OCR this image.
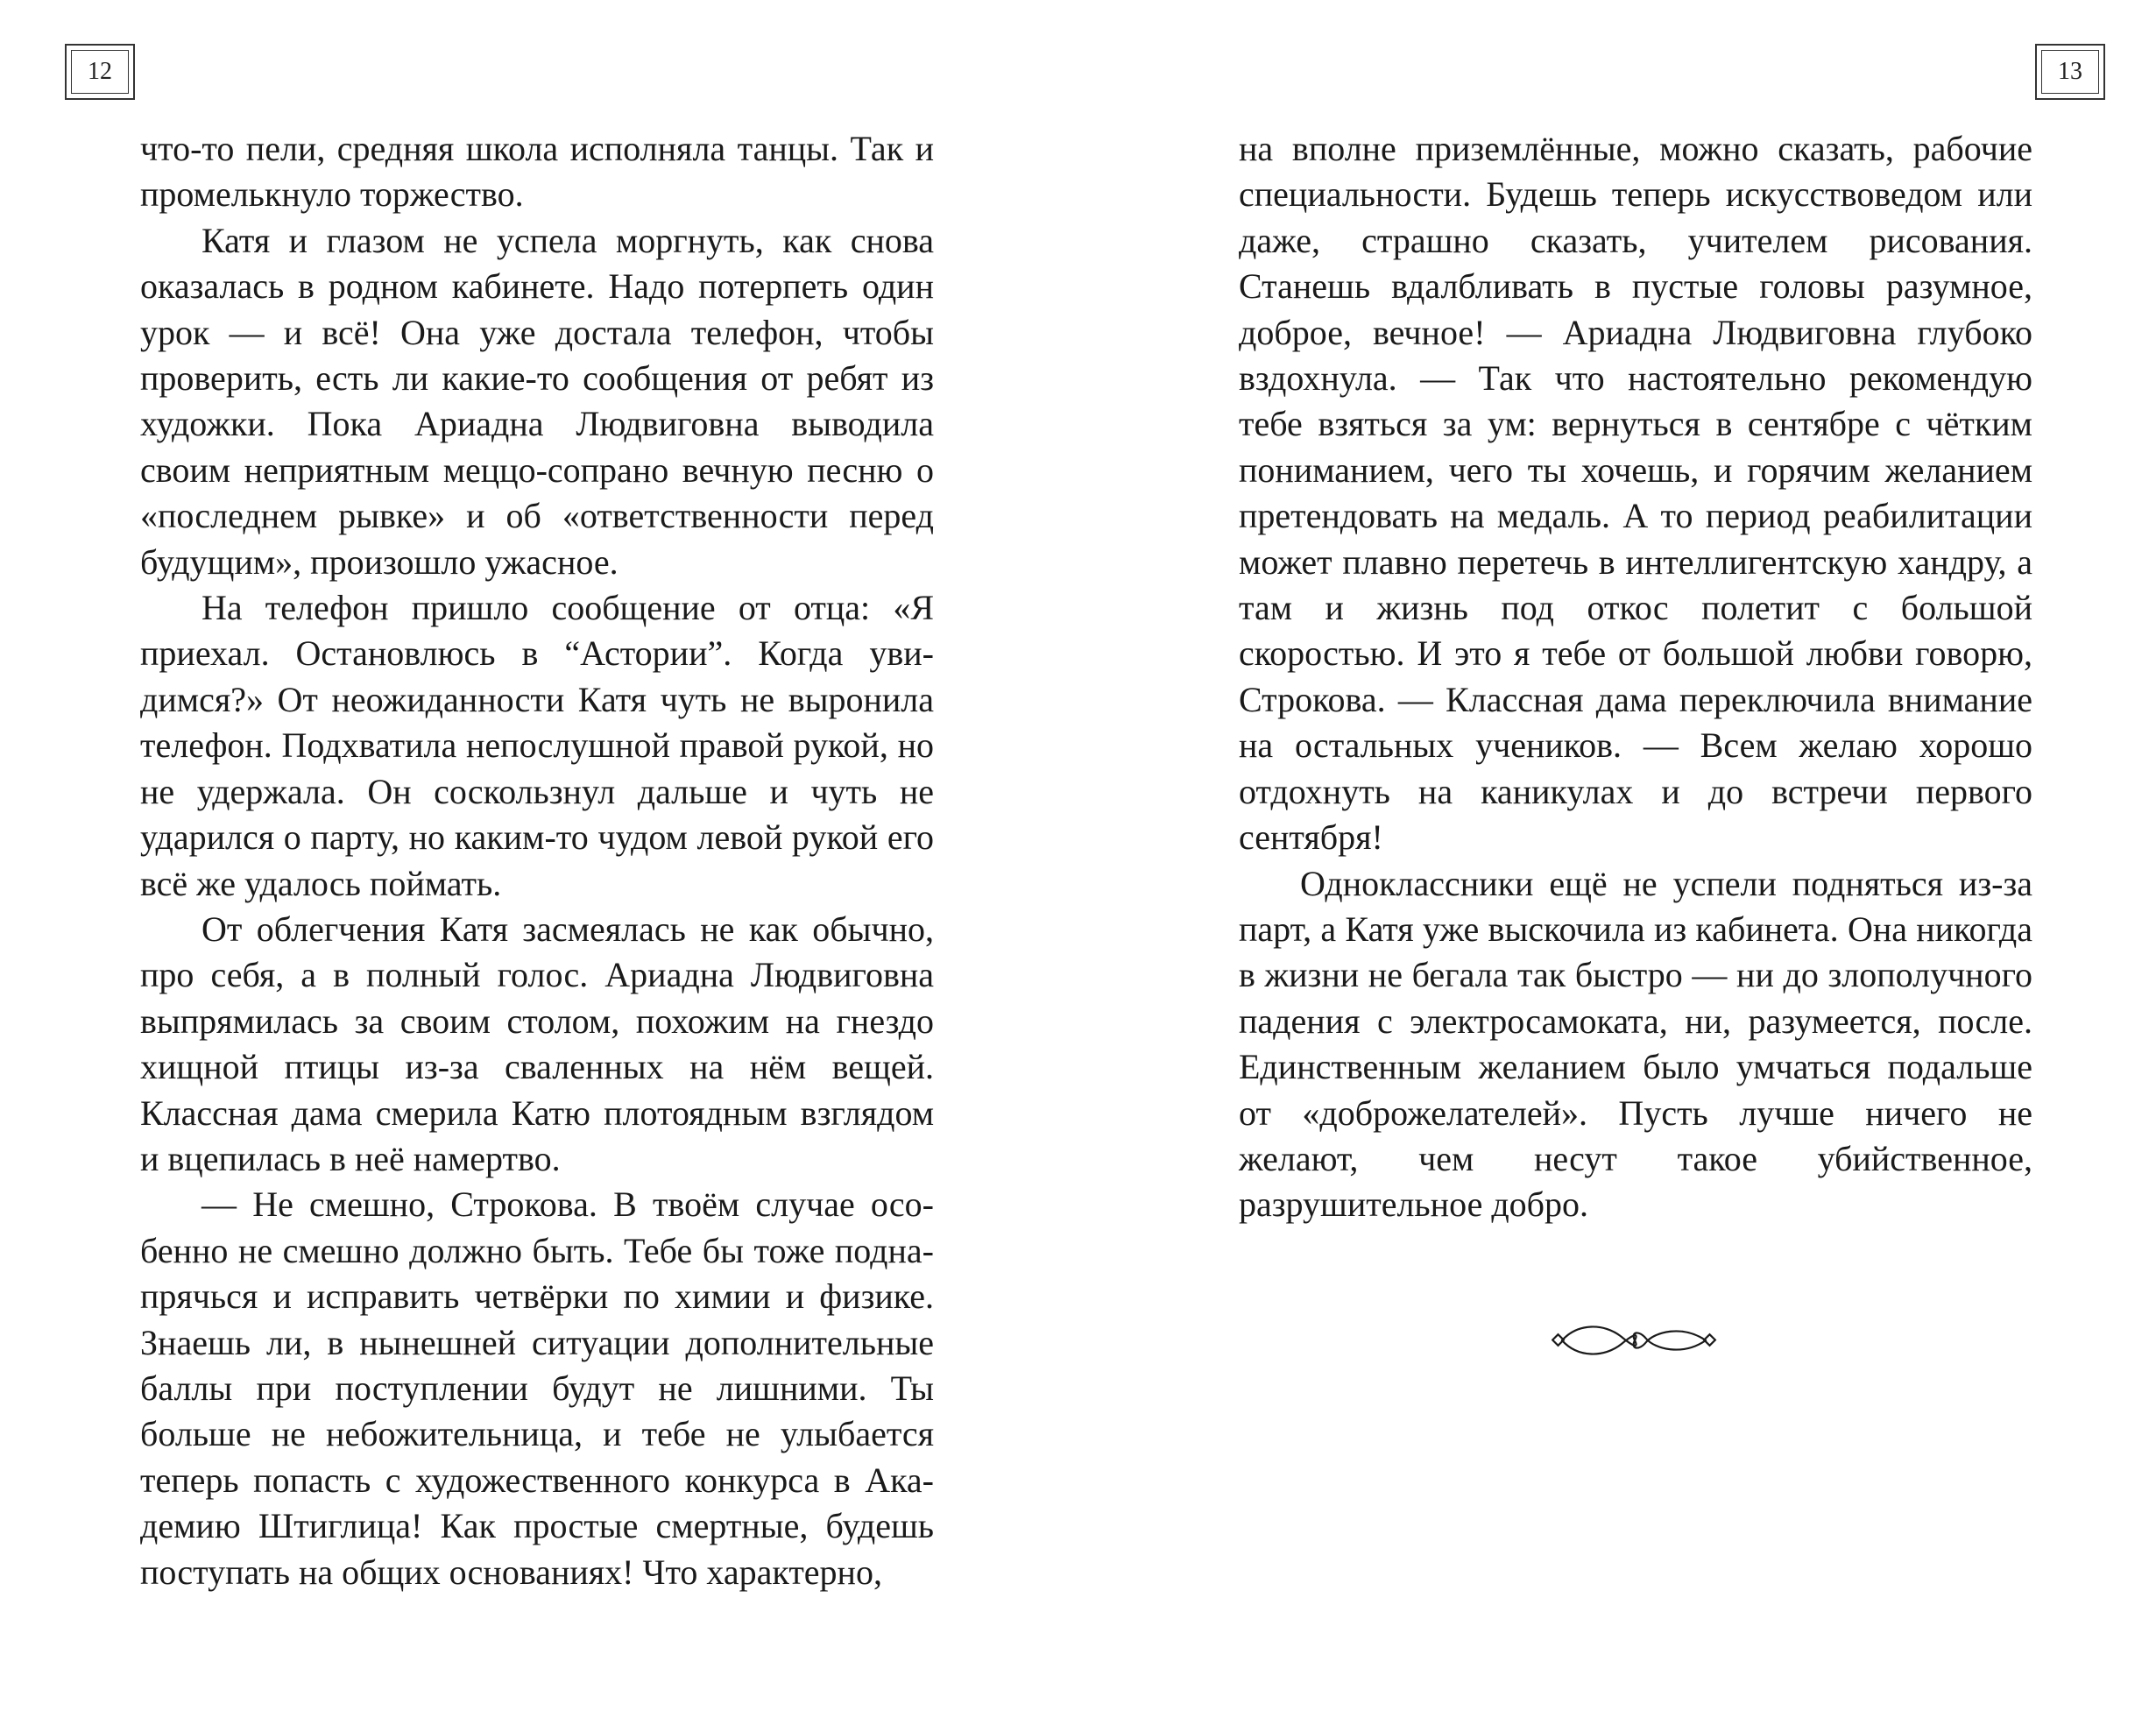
12

что-то пели, средняя школа исполняла танцы. Так и промелькнуло торжество.

Катя и глазом не успела моргнуть, как снова оказалась в родном кабинете. Надо потерпеть один урок — и всё! Она уже достала телефон, чтобы проверить, есть ли какие-то сообщения от ребят из художки. Пока Ариадна Людвиговна выводила своим неприятным меццо-сопрано вечную песню о «последнем рывке» и об «ответственности перед будущим», произошло ужасное.

На телефон пришло сообщение от отца: «Я приехал. Остановлюсь в “Астории”. Когда увидимся?» От неожиданности Катя чуть не выронила телефон. Подхватила непослушной правой рукой, но не удержала. Он соскользнул дальше и чуть не ударился о парту, но каким-то чудом левой рукой его всё же удалось поймать.

От облегчения Катя засмеялась не как обычно, про себя, а в полный голос. Ариадна Людвиговна выпрямилась за своим столом, похожим на гнездо хищной птицы из-за сваленных на нём вещей. Классная дама смерила Катю плотоядным взглядом и вцепилась в неё намертво.

— Не смешно, Строкова. В твоём случае особенно не смешно должно быть. Тебе бы тоже поднапрячься и исправить четвёрки по химии и физике. Знаешь ли, в нынешней ситуации дополнительные баллы при поступлении будут не лишними. Ты больше не небожительница, и тебе не улыбается теперь попасть с художественного конкурса в Академию Штиглица! Как простые смертные, будешь поступать на общих основаниях! Что характерно,

13

на вполне приземлённые, можно сказать, рабочие специальности. Будешь теперь искусствоведом или даже, страшно сказать, учителем рисования. Станешь вдалбливать в пустые головы разумное, доброе, вечное! — Ариадна Людвиговна глубоко вздохнула. — Так что настоятельно рекомендую тебе взяться за ум: вернуться в сентябре с чётким пониманием, чего ты хочешь, и горячим желанием претендовать на медаль. А то период реабилитации может плавно перетечь в интеллигентскую хандру, а там и жизнь под откос полетит с большой скоростью. И это я тебе от большой любви говорю, Строкова. — Классная дама переключила внимание на остальных учеников. — Всем желаю хорошо отдохнуть на каникулах и до встречи первого сентября!

Одноклассники ещё не успели подняться из-за парт, а Катя уже выскочила из кабинета. Она никогда в жизни не бегала так быстро — ни до злополучного падения с электросамоката, ни, разумеется, после. Единственным желанием было умчаться подальше от «доброжелателей». Пусть лучше ничего не желают, чем несут такое убийственное, разрушительное добро.
